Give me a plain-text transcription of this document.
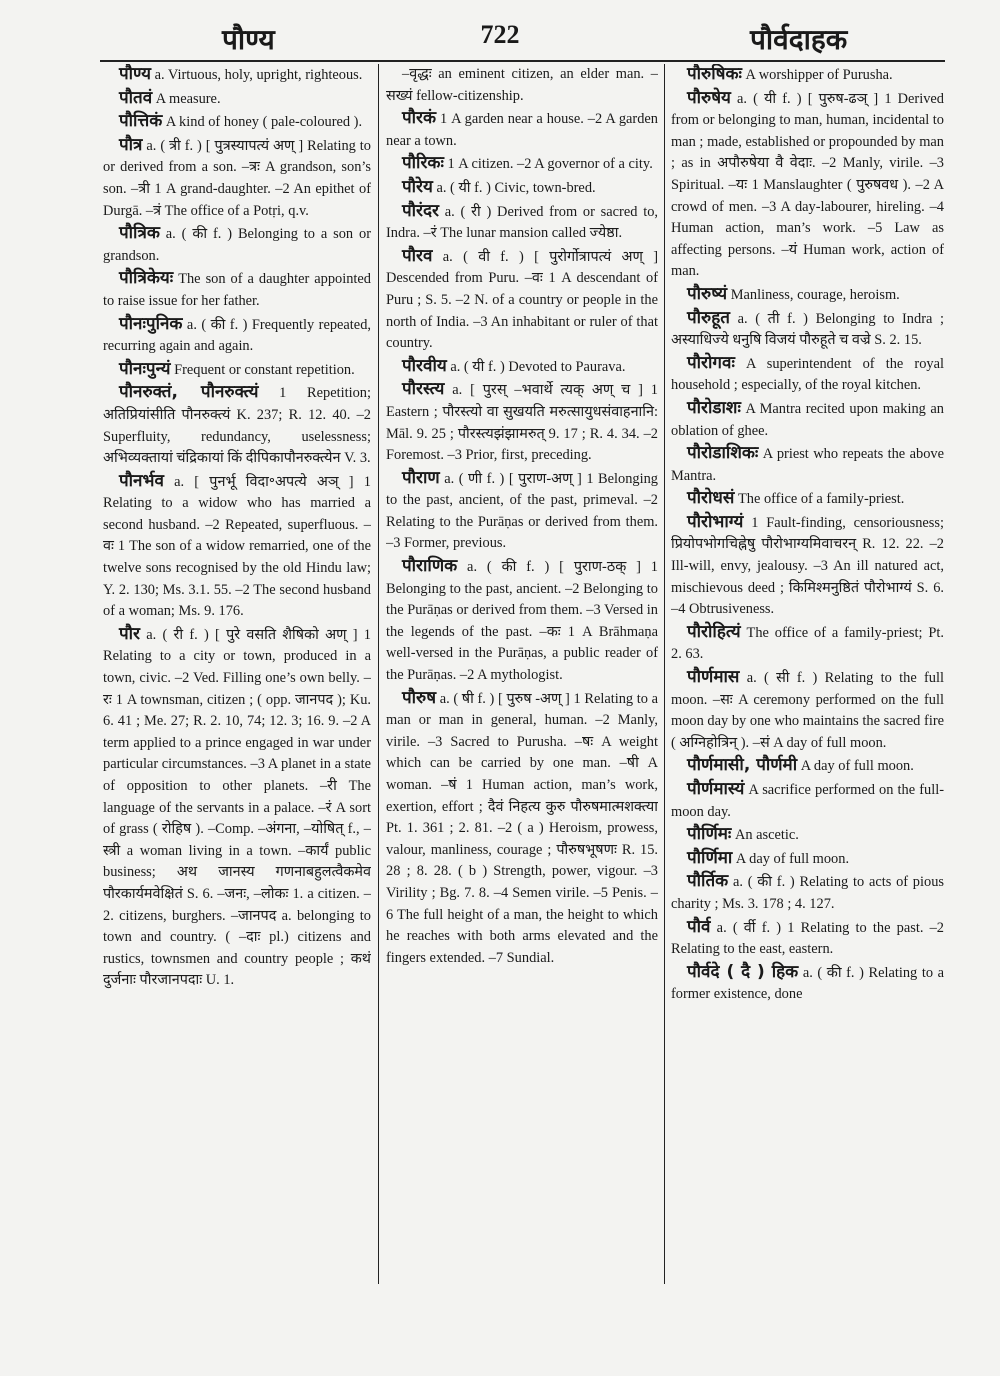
पौण्य	722	पौर्वदाहक

पौण्य a. Virtuous, holy, upright, righteous.

पौतवं A measure.

पौत्तिकं A kind of honey ( pale-coloured ).

पौत्र a. ( त्री f. ) [ पुत्रस्यापत्यं अण् ] Relating to or derived from a son. –त्रः A grandson, son’s son. –त्री 1 A grand-daughter. –2 An epithet of Durgā. –त्रं The office of a Potṛi, q.v.

पौत्रिक a. ( की f. ) Belonging to a son or grandson.

पौत्रिकेयः The son of a daughter appointed to raise issue for her father.

पौनःपुनिक a. ( की f. ) Frequently repeated, recurring again and again.

पौनःपुन्यं Frequent or constant repetition.

पौनरुक्तं, पौनरुक्त्यं 1 Repetition; अतिप्रियांसीति पौनरुक्त्यं K. 237; R. 12. 40. –2 Superfluity, redundancy, uselessness; अभिव्यक्तायां चंद्रिकायां किं दीपिकापौनरुक्त्येन V. 3.

पौनर्भव a. [ पुनर्भू विदा॰अपत्ये अञ् ] 1 Relating to a widow who has married a second husband. –2 Repeated, superfluous. –वः 1 The son of a widow remarried, one of the twelve sons recognised by the old Hindu law; Y. 2. 130; Ms. 3.1. 55. –2 The second husband of a woman; Ms. 9. 176.

पौर a. ( री f. ) [ पुरे वसति शैषिको अण् ] 1 Relating to a city or town, produced in a town, civic. –2 Ved. Filling one’s own belly. –रः 1 A townsman, citizen ; ( opp. जानपद ); Ku. 6. 41 ; Me. 27; R. 2. 10, 74; 12. 3; 16. 9. –2 A term applied to a prince engaged in war under particular circumstances. –3 A planet in a state of opposition to other planets. –री The language of the servants in a palace. –रं A sort of grass ( रोहिष ). –Comp. –अंगना, –योषित् f., –स्त्री a woman living in a town. –कार्यं public business; अथ जानस्य गणनाबहुलत्वैकमेव पौरकार्यमवेक्षितं S. 6. –जनः, –लोकः 1. a citizen. –2. citizens, burghers. –जानपद a. belonging to town and country. ( –दाः pl.) citizens and rustics, townsmen and country people ; कथं दुर्जनाः पौरजानपदाः U. 1.

–वृद्धः an eminent citizen, an elder man. –सख्यं fellow-citizenship.

पौरकं 1 A garden near a house. –2 A garden near a town.

पौरिकः 1 A citizen. –2 A governor of a city.

पौरेय a. ( यी f. ) Civic, town-bred.

पौरंदर a. ( री ) Derived from or sacred to, Indra. –रं The lunar mansion called ज्येष्ठा.

पौरव a. ( वी f. ) [ पुरोर्गोत्रापत्यं अण् ] Descended from Puru. –वः 1 A descendant of Puru ; S. 5. –2 N. of a country or people in the north of India. –3 An inhabitant or ruler of that country.

पौरवीय a. ( यी f. ) Devoted to Paurava.

पौरस्त्य a. [ पुरस् –भवार्थे त्यक् अण् च ] 1 Eastern ; पौरस्त्यो वा सुखयति मरुत्सायुधसंवाहनानि: Māl. 9. 25 ; पौरस्त्यझंझामरुत् 9. 17 ; R. 4. 34. –2 Foremost. –3 Prior, first, preceding.

पौराण a. ( णी f. ) [ पुराण-अण् ] 1 Belonging to the past, ancient, of the past, primeval. –2 Relating to the Purāṇas or derived from them. –3 Former, previous.

पौराणिक a. ( की f. ) [ पुराण-ठक् ] 1 Belonging to the past, ancient. –2 Belonging to the Purāṇas or derived from them. –3 Versed in the legends of the past. –कः 1 A Brāhmaṇa well-versed in the Purāṇas, a public reader of the Purāṇas. –2 A mythologist.

पौरुष a. ( षी f. ) [ पुरुष -अण् ] 1 Relating to a man or man in general, human. –2 Manly, virile. –3 Sacred to Purusha. –षः A weight which can be carried by one man. –षी A woman. –षं 1 Human action, man’s work, exertion, effort ; दैवं निहत्य कुरु पौरुषमात्मशक्त्या Pt. 1. 361 ; 2. 81. –2 ( a ) Heroism, prowess, valour, manliness, courage ; पौरुषभूषणः R. 15. 28 ; 8. 28. ( b ) Strength, power, vigour. –3 Virility ; Bg. 7. 8. –4 Semen virile. –5 Penis. –6 The full height of a man, the height to which he reaches with both arms elevated and the fingers extended. –7 Sundial.

पौरुषिकः A worshipper of Purusha.

पौरुषेय a. ( यी f. ) [ पुरुष-ढञ् ] 1 Derived from or belonging to man, human, incidental to man ; made, established or propounded by man ; as in अपौरुषेया वै वेदाः. –2 Manly, virile. –3 Spiritual. –यः 1 Manslaughter ( पुरुषवध ). –2 A crowd of men. –3 A day-labourer, hireling. –4 Human action, man’s work. –5 Law as affecting persons. –यं Human work, action of man.

पौरुष्यं Manliness, courage, heroism.

पौरुहूत a. ( ती f. ) Belonging to Indra ; अस्याधिज्ये धनुषि विजयं पौरुहूते च वज्रे S. 2. 15.

पौरोगवः A superintendent of the royal household ; especially, of the royal kitchen.

पौरोडाशः A Mantra recited upon making an oblation of ghee.

पौरोडाशिकः A priest who repeats the above Mantra.

पौरोधसं The office of a family-priest.

पौरोभाग्यं 1 Fault-finding, censoriousness; प्रियोपभोगचिह्नेषु पौरोभाग्यमिवाचरन् R. 12. 22. –2 Ill-will, envy, jealousy. –3 An ill natured act, mischievous deed ; किमिश्मनुष्ठितं पौरोभाग्यं S. 6. –4 Obtrusiveness.

पौरोहित्यं The office of a family-priest; Pt. 2. 63.

पौर्णमास a. ( सी f. ) Relating to the full moon. –सः A ceremony performed on the full moon day by one who maintains the sacred fire ( अग्निहोत्रिन् ). –सं A day of full moon.

पौर्णमासी, पौर्णमी A day of full moon.

पौर्णमास्यं A sacrifice performed on the full-moon day.

पौर्णिमः An ascetic.

पौर्णिमा A day of full moon.

पौर्तिक a. ( की f. ) Relating to acts of pious charity ; Ms. 3. 178 ; 4. 127.

पौर्व a. ( र्वी f. ) 1 Relating to the past. –2 Relating to the east, eastern.

पौर्वदे ( दै ) हिक a. ( की f. ) Relating to a former existence, done
